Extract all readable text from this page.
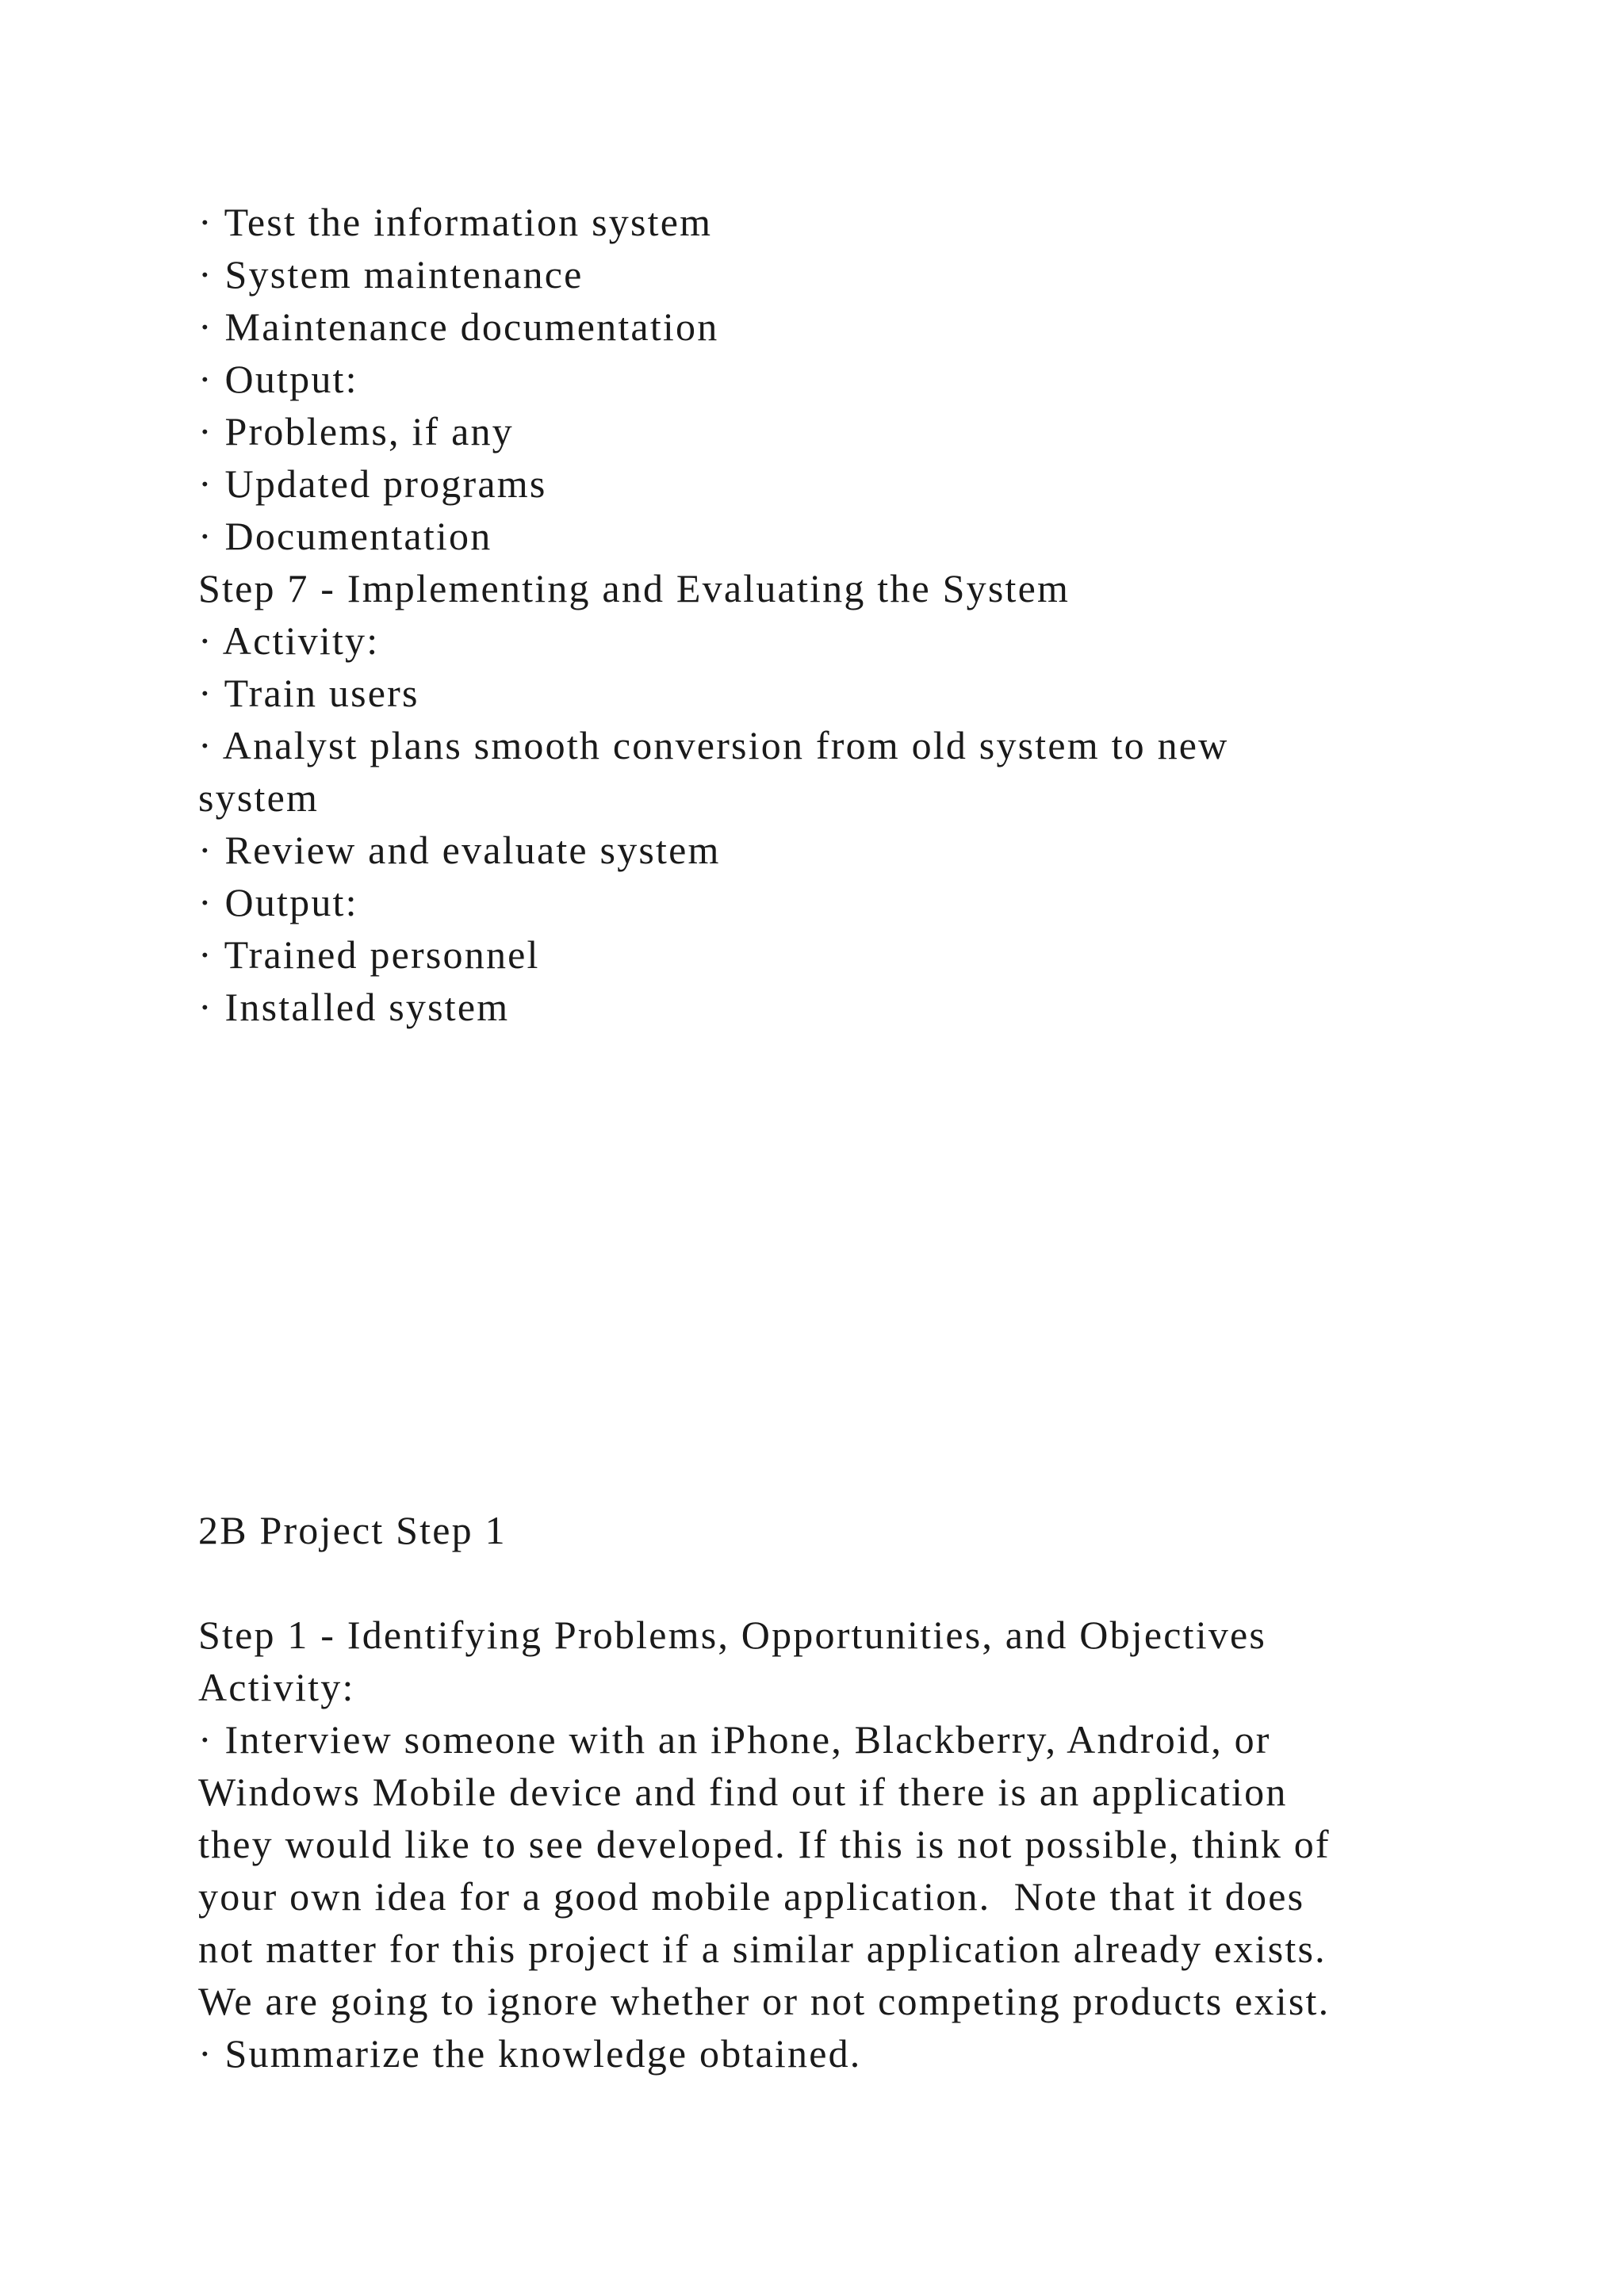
· Test the information system
· System maintenance
· Maintenance documentation
· Output:
· Problems, if any
· Updated programs
· Documentation
Step 7 - Implementing and Evaluating the System
· Activity:
· Train users
· Analyst plans smooth conversion from old system to new
system
· Review and evaluate system
· Output:
· Trained personnel
· Installed system
2B Project Step 1
Step 1 - Identifying Problems, Opportunities, and Objectives
Activity:
· Interview someone with an iPhone, Blackberry, Android, or
Windows Mobile device and find out if there is an application
they would like to see developed. If this is not possible, think of
your own idea for a good mobile application.  Note that it does
not matter for this project if a similar application already exists.
We are going to ignore whether or not competing products exist.
· Summarize the knowledge obtained.
